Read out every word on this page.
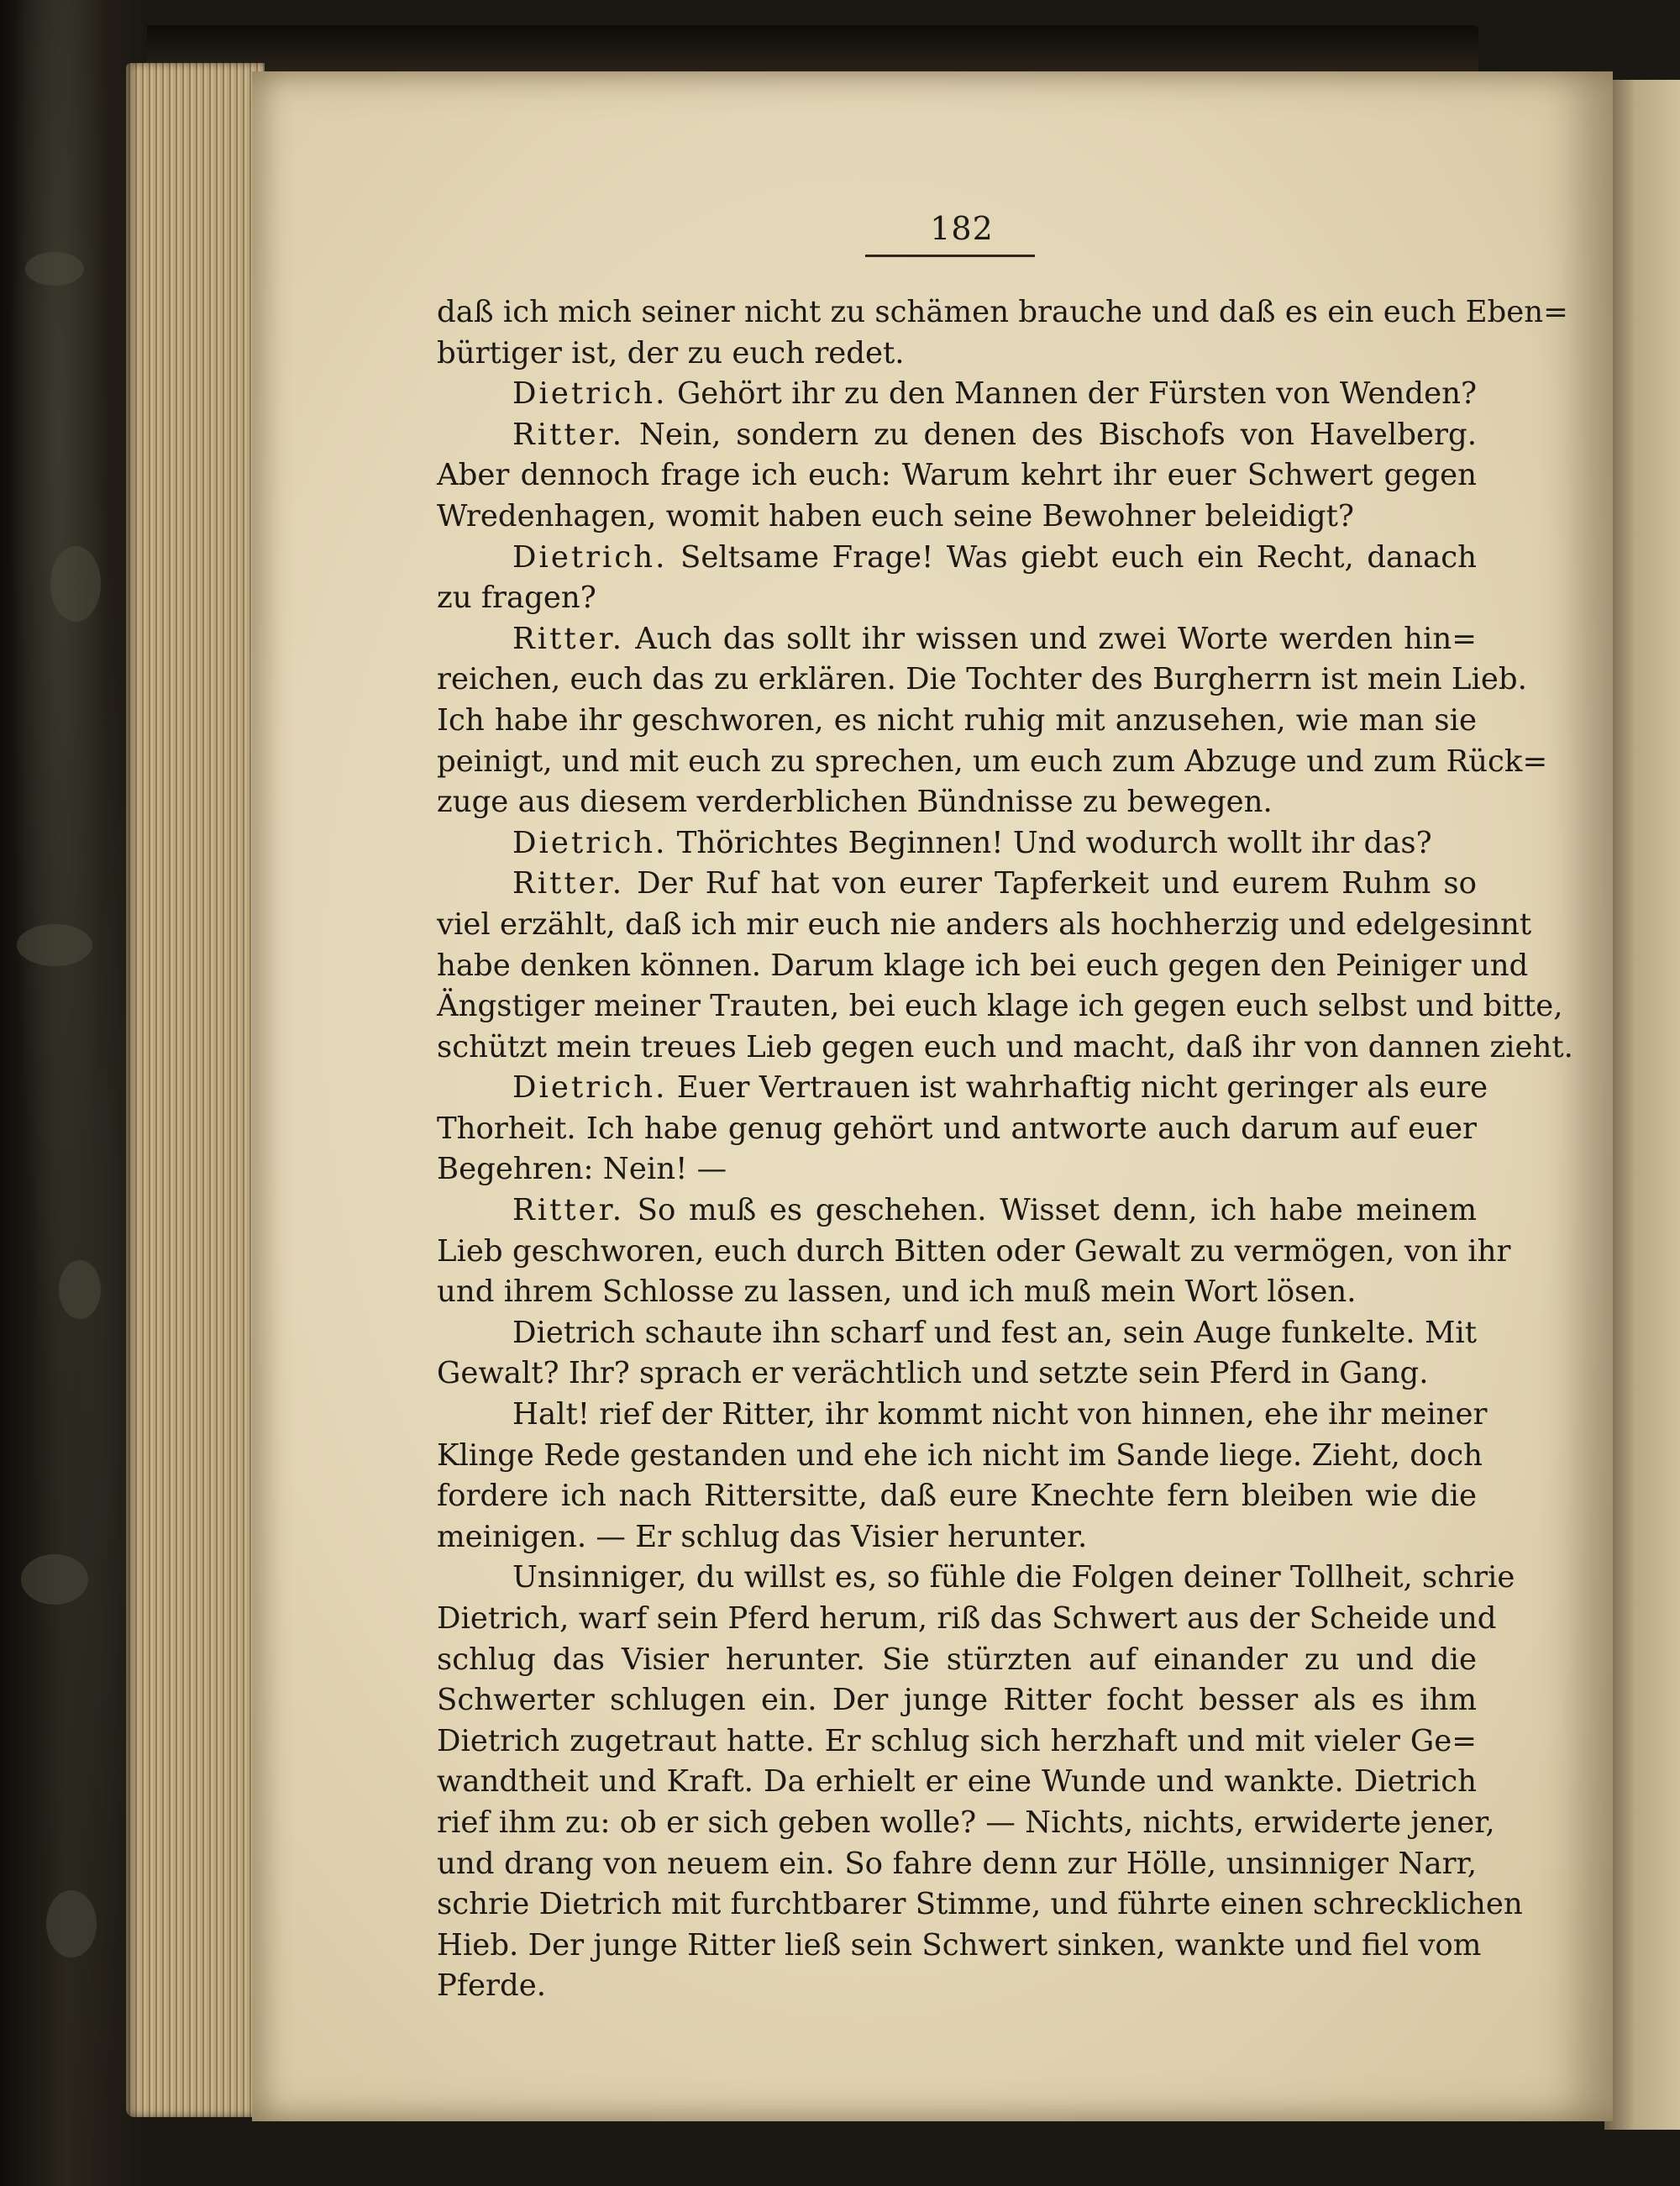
182
daß ich mich seiner nicht zu schämen brauche und daß es ein euch Eben=
bürtiger ist, der zu euch redet.
Dietrich. Gehört ihr zu den Mannen der Fürsten von Wenden?
Ritter. Nein, sondern zu denen des Bischofs von Havelberg.
Aber dennoch frage ich euch: Warum kehrt ihr euer Schwert gegen
Wredenhagen, womit haben euch seine Bewohner beleidigt?
Dietrich. Seltsame Frage! Was giebt euch ein Recht, danach
zu fragen?
Ritter. Auch das sollt ihr wissen und zwei Worte werden hin=
reichen, euch das zu erklären. Die Tochter des Burgherrn ist mein Lieb.
Ich habe ihr geschworen, es nicht ruhig mit anzusehen, wie man sie
peinigt, und mit euch zu sprechen, um euch zum Abzuge und zum Rück=
zuge aus diesem verderblichen Bündnisse zu bewegen.
Dietrich. Thörichtes Beginnen! Und wodurch wollt ihr das?
Ritter. Der Ruf hat von eurer Tapferkeit und eurem Ruhm so
viel erzählt, daß ich mir euch nie anders als hochherzig und edelgesinnt
habe denken können. Darum klage ich bei euch gegen den Peiniger und
Ängstiger meiner Trauten, bei euch klage ich gegen euch selbst und bitte,
schützt mein treues Lieb gegen euch und macht, daß ihr von dannen zieht.
Dietrich. Euer Vertrauen ist wahrhaftig nicht geringer als eure
Thorheit. Ich habe genug gehört und antworte auch darum auf euer
Begehren: Nein! —
Ritter. So muß es geschehen. Wisset denn, ich habe meinem
Lieb geschworen, euch durch Bitten oder Gewalt zu vermögen, von ihr
und ihrem Schlosse zu lassen, und ich muß mein Wort lösen.
Dietrich schaute ihn scharf und fest an, sein Auge funkelte. Mit
Gewalt? Ihr? sprach er verächtlich und setzte sein Pferd in Gang.
Halt! rief der Ritter, ihr kommt nicht von hinnen, ehe ihr meiner
Klinge Rede gestanden und ehe ich nicht im Sande liege. Zieht, doch
fordere ich nach Rittersitte, daß eure Knechte fern bleiben wie die
meinigen. — Er schlug das Visier herunter.
Unsinniger, du willst es, so fühle die Folgen deiner Tollheit, schrie
Dietrich, warf sein Pferd herum, riß das Schwert aus der Scheide und
schlug das Visier herunter. Sie stürzten auf einander zu und die
Schwerter schlugen ein. Der junge Ritter focht besser als es ihm
Dietrich zugetraut hatte. Er schlug sich herzhaft und mit vieler Ge=
wandtheit und Kraft. Da erhielt er eine Wunde und wankte. Dietrich
rief ihm zu: ob er sich geben wolle? — Nichts, nichts, erwiderte jener,
und drang von neuem ein. So fahre denn zur Hölle, unsinniger Narr,
schrie Dietrich mit furchtbarer Stimme, und führte einen schrecklichen
Hieb. Der junge Ritter ließ sein Schwert sinken, wankte und fiel vom
Pferde.
